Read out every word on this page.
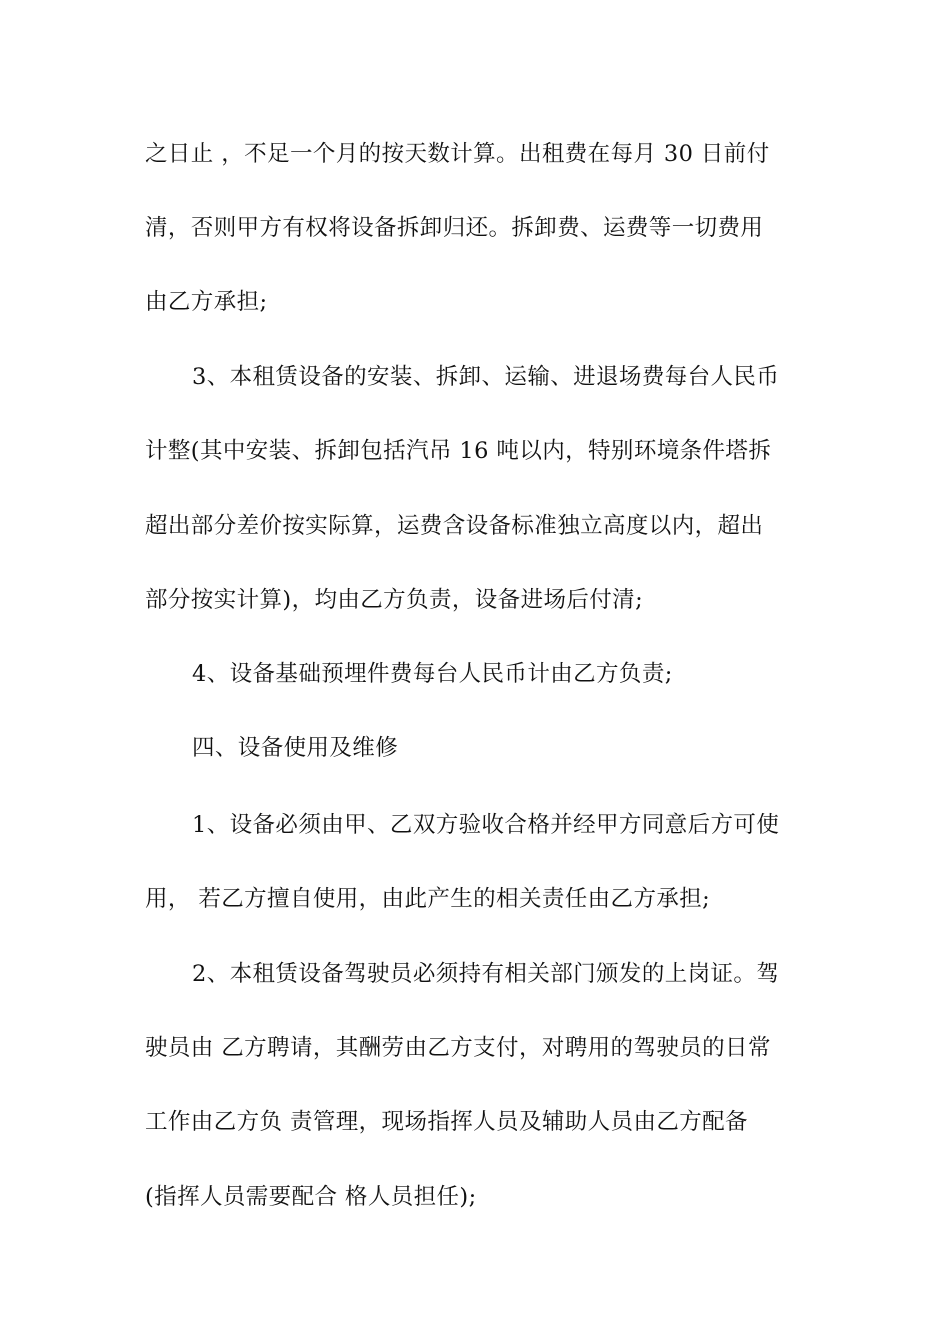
之日止 ，不足一个月的按天数计算。出租费在每月 30 日前付
清，否则甲方有权将设备拆卸归还。拆卸费、运费等一切费用
由乙方承担;
3、本租赁设备的安装、拆卸、运输、进退场费每台人民币
计整(其中安装、拆卸包括汽吊 16 吨以内，特别环境条件塔拆
超出部分差价按实际算，运费含设备标准独立高度以内，超出
部分按实计算)，均由乙方负责，设备进场后付清;
4、设备基础预埋件费每台人民币计由乙方负责;
四、设备使用及维修
1、设备必须由甲、乙双方验收合格并经甲方同意后方可使
用， 若乙方擅自使用，由此产生的相关责任由乙方承担;
2、本租赁设备驾驶员必须持有相关部门颁发的上岗证。驾
驶员由 乙方聘请，其酬劳由乙方支付，对聘用的驾驶员的日常
工作由乙方负 责管理，现场指挥人员及辅助人员由乙方配备
(指挥人员需要配合 格人员担任);
